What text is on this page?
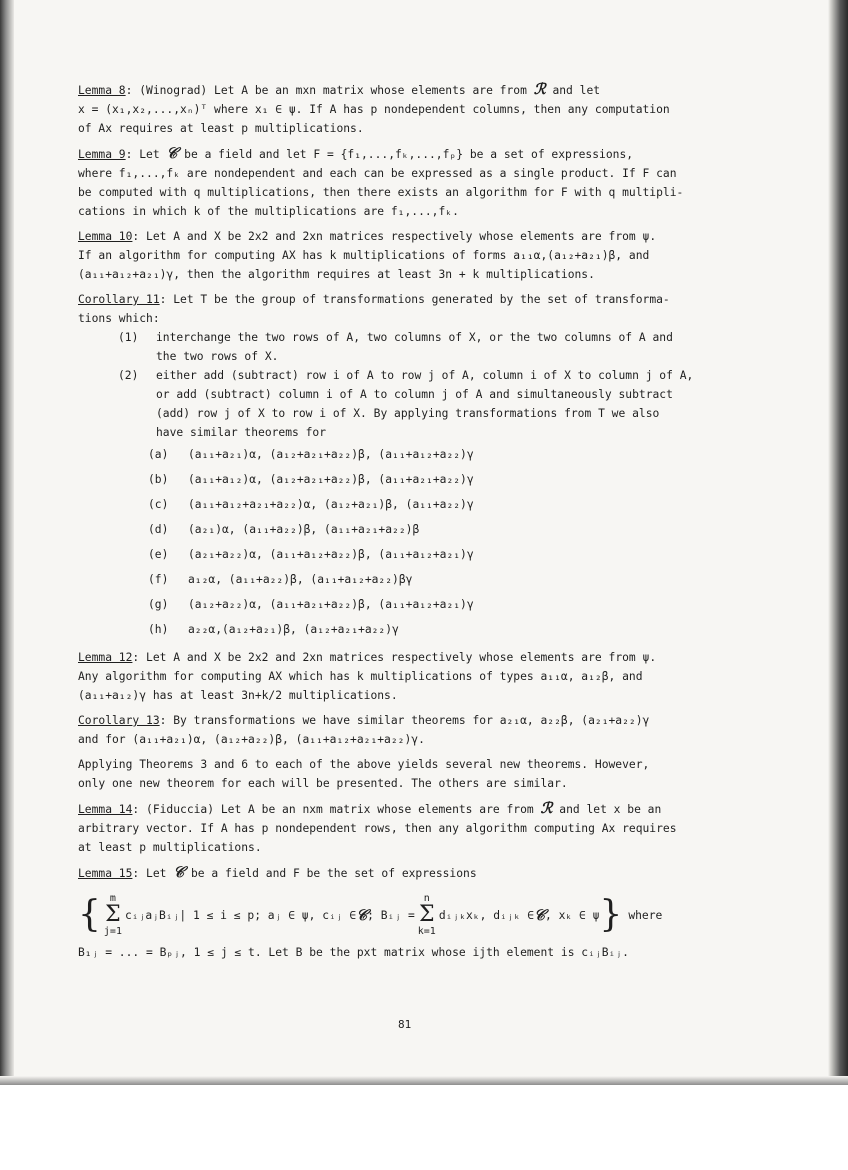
Lemma 8: (Winograd) Let A be an mxn matrix whose elements are from ℛ and let

x = (x₁,x₂,...,xₙ)ᵀ where x₁ ∈ ψ. If A has p nondependent columns, then any computation

of Ax requires at least p multiplications.

Lemma 9: Let 𝒞 be a field and let F = {f₁,...,fₖ,...,fₚ} be a set of expressions,

where f₁,...,fₖ are nondependent and each can be expressed as a single product. If F can

be computed with q multiplications, then there exists an algorithm for F with q multipli-

cations in which k of the multiplications are f₁,...,fₖ.

Lemma 10: Let A and X be 2x2 and 2xn matrices respectively whose elements are from ψ.

If an algorithm for computing AX has k multiplications of forms a₁₁α,(a₁₂+a₂₁)β, and

(a₁₁+a₁₂+a₂₁)γ, then the algorithm requires at least 3n + k multiplications.

Corollary 11: Let T be the group of transformations generated by the set of transforma-

tions which:

(1)	interchange the two rows of A, two columns of X, or the two columns of A and

the two rows of X.

(2)	either add (subtract) row i of A to row j of A, column i of X to column j of A,

or add (subtract) column i of A to column j of A and simultaneously subtract

(add) row j of X to row i of X. By applying transformations from T we also

have similar theorems for

(a)	(a₁₁+a₂₁)α, (a₁₂+a₂₁+a₂₂)β, (a₁₁+a₁₂+a₂₂)γ
(b)	(a₁₁+a₁₂)α, (a₁₂+a₂₁+a₂₂)β, (a₁₁+a₂₁+a₂₂)γ
(c)	(a₁₁+a₁₂+a₂₁+a₂₂)α, (a₁₂+a₂₁)β, (a₁₁+a₂₂)γ
(d)	(a₂₁)α, (a₁₁+a₂₂)β, (a₁₁+a₂₁+a₂₂)β
(e)	(a₂₁+a₂₂)α, (a₁₁+a₁₂+a₂₂)β, (a₁₁+a₁₂+a₂₁)γ
(f)	a₁₂α, (a₁₁+a₂₂)β, (a₁₁+a₁₂+a₂₂)βγ
(g)	(a₁₂+a₂₂)α, (a₁₁+a₂₁+a₂₂)β, (a₁₁+a₁₂+a₂₁)γ
(h)	a₂₂α,(a₁₂+a₂₁)β, (a₁₂+a₂₁+a₂₂)γ

Lemma 12: Let A and X be 2x2 and 2xn matrices respectively whose elements are from ψ.

Any algorithm for computing AX which has k multiplications of types a₁₁α, a₁₂β, and

(a₁₁+a₁₂)γ has at least 3n+k/2 multiplications.

Corollary 13: By transformations we have similar theorems for a₂₁α, a₂₂β, (a₂₁+a₂₂)γ

and for (a₁₁+a₂₁)α, (a₁₂+a₂₂)β, (a₁₁+a₁₂+a₂₁+a₂₂)γ.

Applying Theorems 3 and 6 to each of the above yields several new theorems. However,

only one new theorem for each will be presented. The others are similar.

Lemma 14: (Fiduccia) Let A be an nxm matrix whose elements are from ℛ and let x be an

arbitrary vector. If A has p nondependent rows, then any algorithm computing Ax requires

at least p multiplications.

Lemma 15: Let 𝒞 be a field and F be the set of expressions

{ m
Σ
j=1
cᵢⱼaⱼBᵢⱼ| 1 ≤ i ≤ p; aⱼ ∈ ψ, cᵢⱼ ∈ 𝒞 ; Bᵢⱼ =
n
Σ
k=1
dᵢⱼₖxₖ, dᵢⱼₖ ∈ 𝒞 , xₖ ∈ ψ } where

B₁ⱼ = ... = Bₚⱼ, 1 ≤ j ≤ t. Let B be the pxt matrix whose ijth element is cᵢⱼBᵢⱼ.

81
